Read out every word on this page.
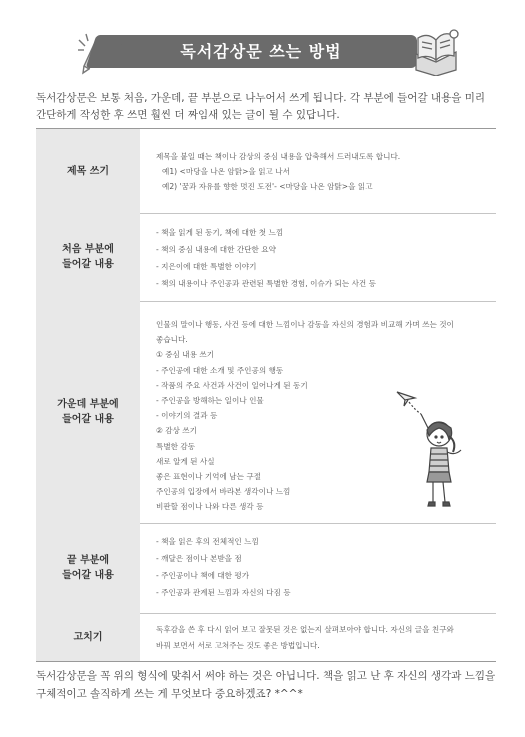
독서감상문 쓰는 방법
독서감상문은 보통 처음, 가운데, 끝 부분으로 나누어서 쓰게 됩니다. 각 부분에 들어갈 내용을 미리 간단하게 작성한 후 쓰면 훨씬 더 짜임새 있는 글이 될 수 있답니다.
제목 쓰기
제목을 붙일 때는 책이나 감상의 중심 내용을 압축해서 드러내도록 합니다.
예1) <마당을 나온 암탉>을 읽고 나서
예2) '꿈과 자유를 향한 멋진 도전'- <마당을 나온 암탉>을 읽고
처음 부분에
들어갈 내용
- 책을 읽게 된 동기, 책에 대한 첫 느낌
- 책의 중심 내용에 대한 간단한 요약
- 지은이에 대한 특별한 이야기
- 책의 내용이나 주인공과 관련된 특별한 경험, 이슈가 되는 사건 등
가운데 부분에
들어갈 내용
인물의 말이나 행동, 사건 등에 대한 느낌이나 감동을 자신의 경험과 비교해 가며 쓰는 것이
좋습니다.
① 중심 내용 쓰기
- 주인공에 대한 소개 및 주인공의 행동
- 작품의 주요 사건과 사건이 일어나게 된 동기
- 주인공을 방해하는 일이나 인물
- 이야기의 결과 등
② 감상 쓰기
특별한 감동
새로 알게 된 사실
좋은 표현이나 기억에 남는 구절
주인공의 입장에서 바라본 생각이나 느낌
비판할 점이나 나와 다른 생각 등
끝 부분에
들어갈 내용
- 책을 읽은 후의 전체적인 느낌
- 깨달은 점이나 본받을 점
- 주인공이나 책에 대한 평가
- 주인공과 관계된 느낌과 자신의 다짐 등
고치기
독후감을 쓴 후 다시 읽어 보고 잘못된 것은 없는지 살펴보아야 합니다. 자신의 글을 친구와
바꿔 보면서 서로 고쳐주는 것도 좋은 방법입니다.
독서감상문을 꼭 위의 형식에 맞춰서 써야 하는 것은 아닙니다. 책을 읽고 난 후 자신의 생각과 느낌을 구체적이고 솔직하게 쓰는 게 무엇보다 중요하겠죠? *^^*
